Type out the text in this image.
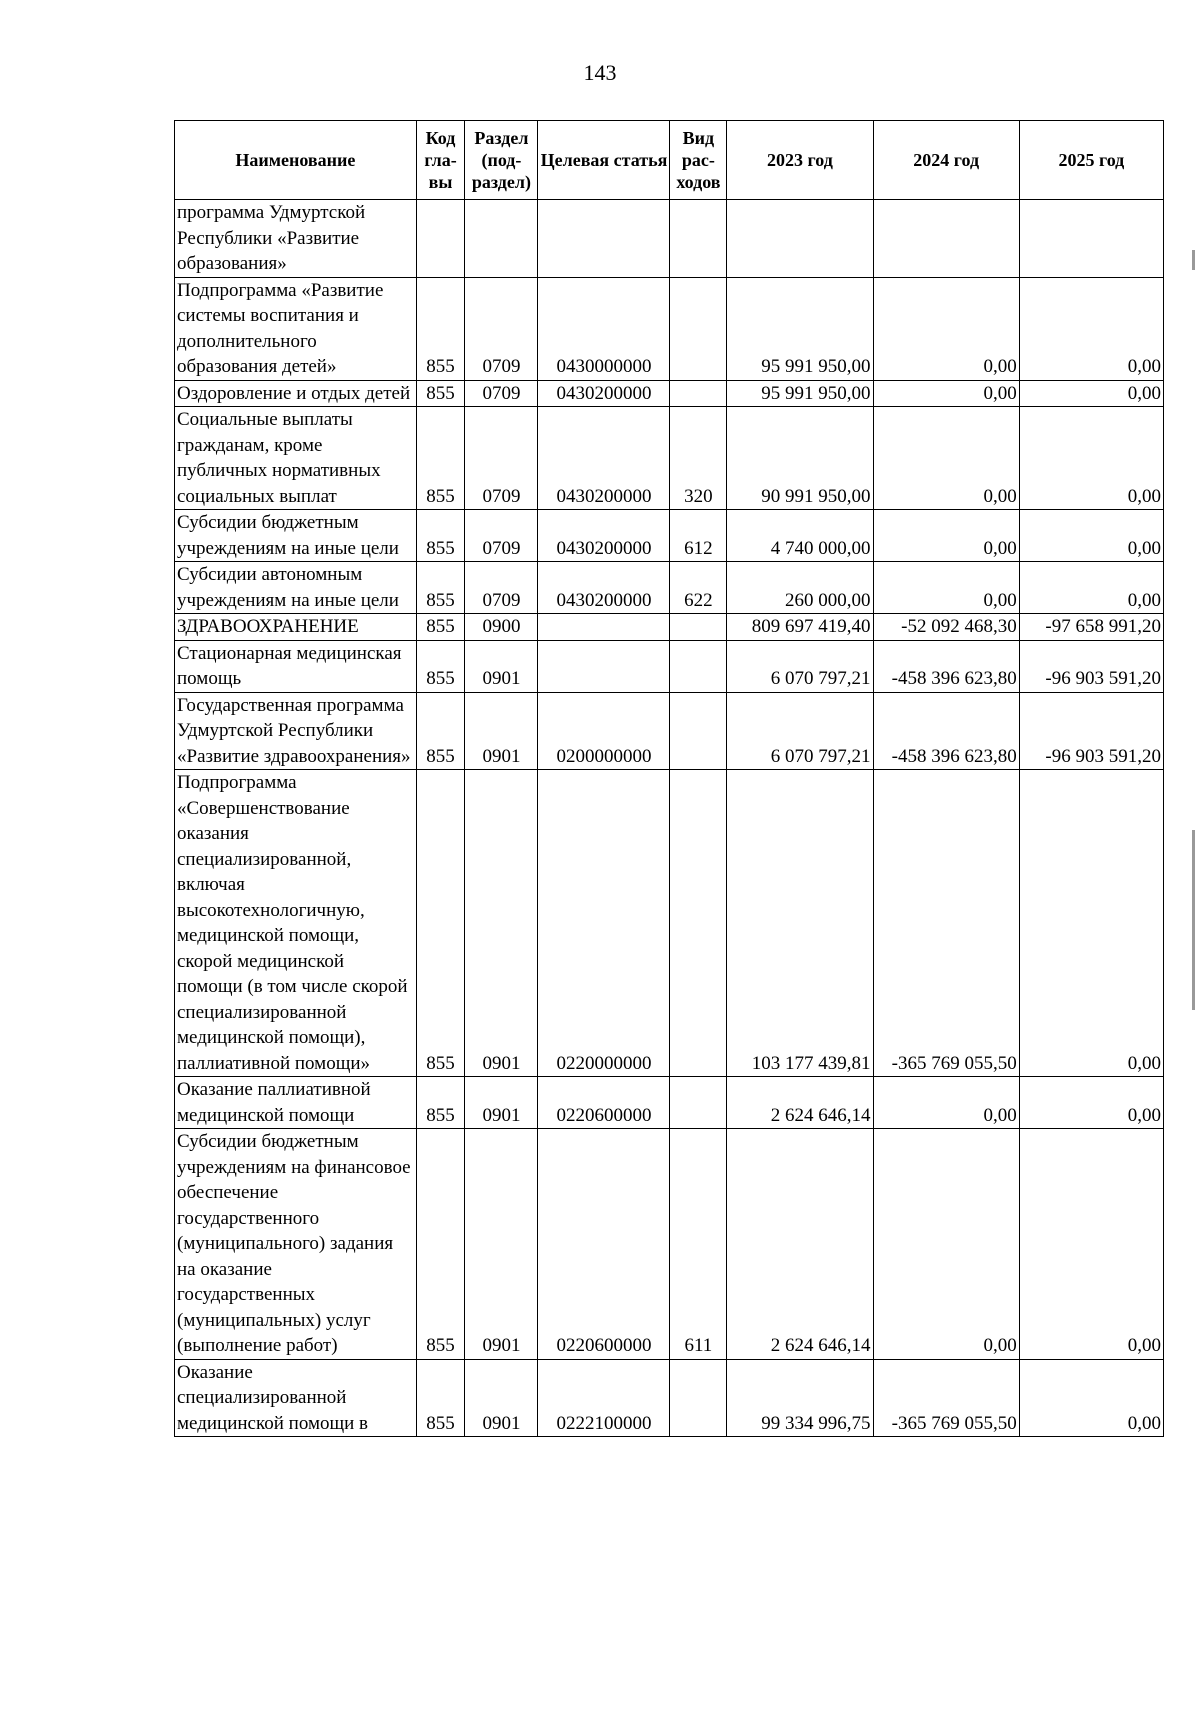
143
Наименование	Код гла-вы	Раздел (под-раздел)	Целевая статья	Вид рас-ходов	2023 год	2024 год	2025 год
программа Удмуртской Республики «Развитие образования»							
Подпрограмма «Развитие системы воспитания и дополнительного образования детей»	855	0709	0430000000		95 991 950,00	0,00	0,00
Оздоровление и отдых детей	855	0709	0430200000		95 991 950,00	0,00	0,00
Социальные выплаты гражданам, кроме публичных нормативных социальных выплат	855	0709	0430200000	320	90 991 950,00	0,00	0,00
Субсидии бюджетным учреждениям на иные цели	855	0709	0430200000	612	4 740 000,00	0,00	0,00
Субсидии автономным учреждениям на иные цели	855	0709	0430200000	622	260 000,00	0,00	0,00
ЗДРАВООХРАНЕНИЕ	855	0900			809 697 419,40	-52 092 468,30	-97 658 991,20
Стационарная медицинская помощь	855	0901			6 070 797,21	-458 396 623,80	-96 903 591,20
Государственная программа Удмуртской Республики «Развитие здравоохранения»	855	0901	0200000000		6 070 797,21	-458 396 623,80	-96 903 591,20
Подпрограмма «Совершенствование оказания специализированной, включая высокотехнологичную, медицинской помощи, скорой медицинской помощи (в том числе скорой специализированной медицинской помощи), паллиативной помощи»	855	0901	0220000000		103 177 439,81	-365 769 055,50	0,00
Оказание паллиативной медицинской помощи	855	0901	0220600000		2 624 646,14	0,00	0,00
Субсидии бюджетным учреждениям на финансовое обеспечение государственного (муниципального) задания на оказание государственных (муниципальных) услуг (выполнение работ)	855	0901	0220600000	611	2 624 646,14	0,00	0,00
Оказание специализированной медицинской помощи в	855	0901	0222100000		99 334 996,75	-365 769 055,50	0,00
